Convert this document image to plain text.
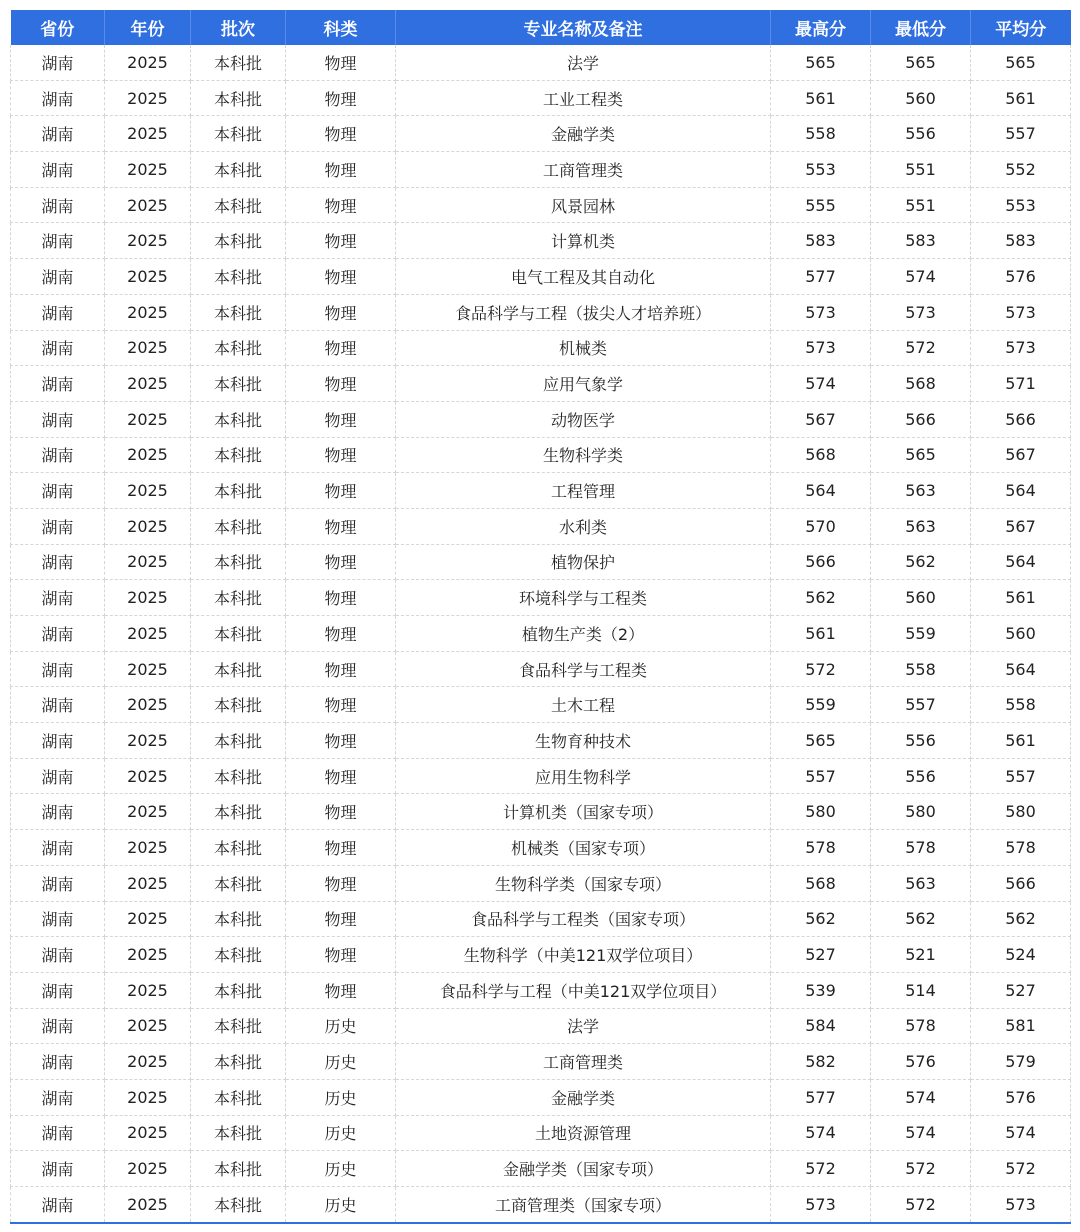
省份	年份	批次	科类	专业名称及备注	最高分	最低分	平均分
湖南	2025	本科批	物理	法学	565	565	565
湖南	2025	本科批	物理	工业工程类	561	560	561
湖南	2025	本科批	物理	金融学类	558	556	557
湖南	2025	本科批	物理	工商管理类	553	551	552
湖南	2025	本科批	物理	风景园林	555	551	553
湖南	2025	本科批	物理	计算机类	583	583	583
湖南	2025	本科批	物理	电气工程及其自动化	577	574	576
湖南	2025	本科批	物理	食品科学与工程（拔尖人才培养班）	573	573	573
湖南	2025	本科批	物理	机械类	573	572	573
湖南	2025	本科批	物理	应用气象学	574	568	571
湖南	2025	本科批	物理	动物医学	567	566	566
湖南	2025	本科批	物理	生物科学类	568	565	567
湖南	2025	本科批	物理	工程管理	564	563	564
湖南	2025	本科批	物理	水利类	570	563	567
湖南	2025	本科批	物理	植物保护	566	562	564
湖南	2025	本科批	物理	环境科学与工程类	562	560	561
湖南	2025	本科批	物理	植物生产类（2）	561	559	560
湖南	2025	本科批	物理	食品科学与工程类	572	558	564
湖南	2025	本科批	物理	土木工程	559	557	558
湖南	2025	本科批	物理	生物育种技术	565	556	561
湖南	2025	本科批	物理	应用生物科学	557	556	557
湖南	2025	本科批	物理	计算机类（国家专项）	580	580	580
湖南	2025	本科批	物理	机械类（国家专项）	578	578	578
湖南	2025	本科批	物理	生物科学类（国家专项）	568	563	566
湖南	2025	本科批	物理	食品科学与工程类（国家专项）	562	562	562
湖南	2025	本科批	物理	生物科学（中美121双学位项目）	527	521	524
湖南	2025	本科批	物理	食品科学与工程（中美121双学位项目）	539	514	527
湖南	2025	本科批	历史	法学	584	578	581
湖南	2025	本科批	历史	工商管理类	582	576	579
湖南	2025	本科批	历史	金融学类	577	574	576
湖南	2025	本科批	历史	土地资源管理	574	574	574
湖南	2025	本科批	历史	金融学类（国家专项）	572	572	572
湖南	2025	本科批	历史	工商管理类（国家专项）	573	572	573
